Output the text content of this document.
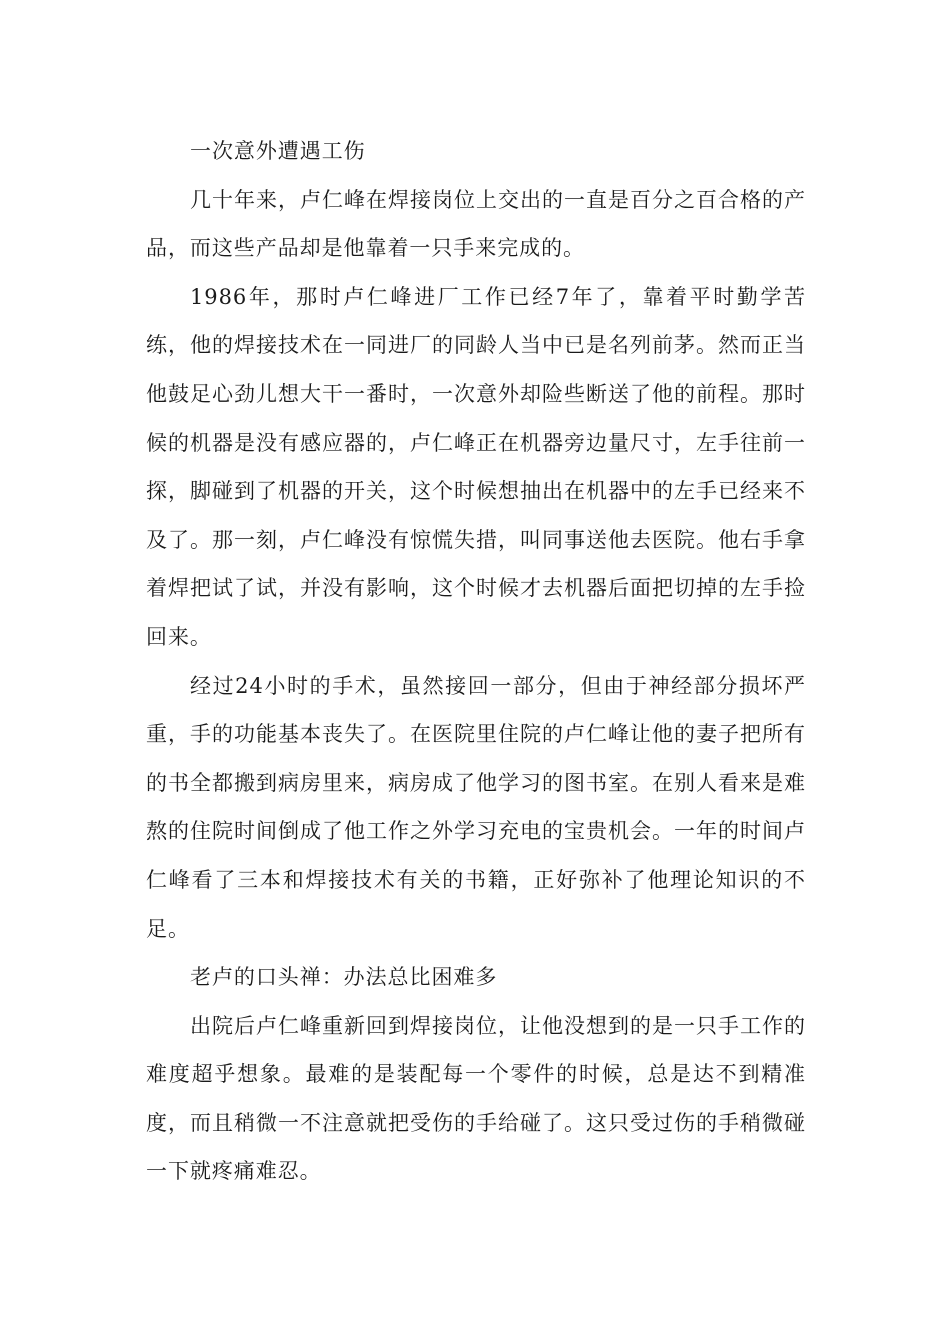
一次意外遭遇工伤

几十年来，卢仁峰在焊接岗位上交出的一直是百分之百合格的产品，而这些产品却是他靠着一只手来完成的。

1986年，那时卢仁峰进厂工作已经7年了，靠着平时勤学苦练，他的焊接技术在一同进厂的同龄人当中已是名列前茅。然而正当他鼓足心劲儿想大干一番时，一次意外却险些断送了他的前程。那时候的机器是没有感应器的，卢仁峰正在机器旁边量尺寸，左手往前一探，脚碰到了机器的开关，这个时候想抽出在机器中的左手已经来不及了。那一刻，卢仁峰没有惊慌失措，叫同事送他去医院。他右手拿着焊把试了试，并没有影响，这个时候才去机器后面把切掉的左手捡回来。

经过24小时的手术，虽然接回一部分，但由于神经部分损坏严重，手的功能基本丧失了。在医院里住院的卢仁峰让他的妻子把所有的书全都搬到病房里来，病房成了他学习的图书室。在别人看来是难熬的住院时间倒成了他工作之外学习充电的宝贵机会。一年的时间卢仁峰看了三本和焊接技术有关的书籍，正好弥补了他理论知识的不足。

老卢的口头禅：办法总比困难多

出院后卢仁峰重新回到焊接岗位，让他没想到的是一只手工作的难度超乎想象。最难的是装配每一个零件的时候，总是达不到精准度，而且稍微一不注意就把受伤的手给碰了。这只受过伤的手稍微碰一下就疼痛难忍。
